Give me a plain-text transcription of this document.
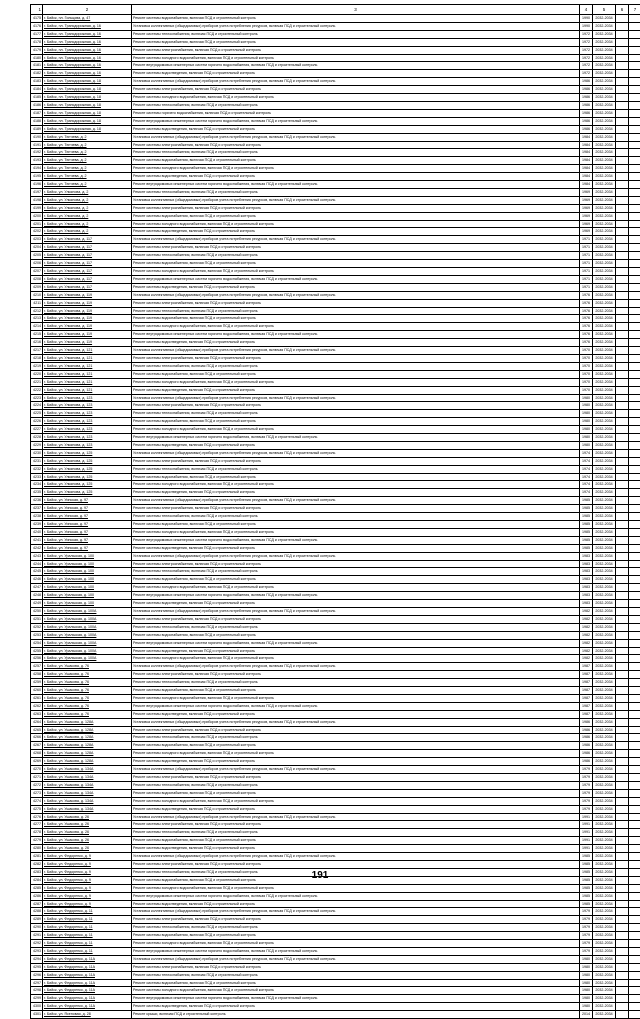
1	2	3	4	5	6	7
4175	г. Бийск, пл. Гольцова, д. 47	Ремонт системы водоснабжения, включая ПСД и строительный контроль	1990	2032-2034		
4176	г. Бийск, пл. Трансдорожная, д. 16	Установка коллективных (общедомовых) приборов учета потребления ресурсов, включая ПСД и строительный контроль	1990	2032-2034		
4177	г. Бийск, пл. Трансдорожная, д. 16	Ремонт системы теплоснабжения, включая ПСД и строительный контроль	1972	2032-2034		
4178	г. Бийск, пл. Трансдорожная, д. 16	Ремонт системы водоснабжения, включая ПСД и строительный контроль	1972	2032-2034		
4179	г. Бийск, пл. Трансдорожная, д. 16	Ремонт системы электроснабжения, включая ПСД и строительный контроль	1972	2032-2034		
4180	г. Бийск, пл. Трансдорожная, д. 16	Ремонт системы холодного водоснабжения, включая ПСД и строительный контроль	1972	2032-2034		
4181	г. Бийск, пл. Трансдорожная, д. 16	Ремонт внутридомовых инженерных систем горячего водоснабжения, включая ПСД и строительный контроль	1972	2032-2034		
4182	г. Бийск, пл. Трансдорожная, д. 16	Ремонт системы водоотведения, включая ПСД и строительный контроль	1972	2032-2034		
4183	г. Бийск, пл. Трансдорожная, д. 18	Установка коллективных (общедомовых) приборов учета потребления ресурсов, включая ПСД и строительный контроль	1986	2032-2034		
4184	г. Бийск, пл. Трансдорожная, д. 18	Ремонт системы электроснабжения, включая ПСД и строительный контроль	1986	2032-2034		
4185	г. Бийск, пл. Трансдорожная, д. 18	Ремонт системы холодного водоснабжения, включая ПСД и строительный контроль	1986	2032-2034		
4186	г. Бийск, пл. Трансдорожная, д. 18	Ремонт системы теплоснабжения, включая ПСД и строительный контроль	1986	2032-2034		
4187	г. Бийск, пл. Трансдорожная, д. 18	Ремонт системы горячего водоснабжения, включая ПСД и строительный контроль	1986	2032-2034		
4188	г. Бийск, пл. Трансдорожная, д. 18	Ремонт внутридомовых инженерных систем горячего водоснабжения, включая ПСД и строительный контроль	1986	2032-2034		
4189	г. Бийск, пл. Трансдорожная, д. 18	Ремонт системы водоотведения, включая ПСД и строительный контроль	1986	2032-2034		
4190	г. Бийск, ул. Тютчева, д. 2	Установка коллективных (общедомовых) приборов учета потребления ресурсов, включая ПСД и строительный контроль	1984	2032-2034		
4191	г. Бийск, ул. Тютчева, д. 2	Ремонт системы электроснабжения, включая ПСД и строительный контроль	1984	2032-2034		
4192	г. Бийск, ул. Тютчева, д. 2	Ремонт системы теплоснабжения, включая ПСД и строительный контроль	1984	2032-2034		
4193	г. Бийск, ул. Тютчева, д. 2	Ремонт системы водоснабжения, включая ПСД и строительный контроль	1984	2032-2034		
4194	г. Бийск, ул. Тютчева, д. 2	Ремонт системы холодного водоснабжения, включая ПСД и строительный контроль	1984	2032-2034		
4195	г. Бийск, ул. Тютчева, д. 2	Ремонт системы водоотведения, включая ПСД и строительный контроль	1984	2032-2034		
4196	г. Бийск, ул. Тютчева, д. 2	Ремонт внутридомовых инженерных систем горячего водоснабжения, включая ПСД и строительный контроль	1984	2032-2034		
4197	г. Бийск, ул. Ульянова, д. 2	Ремонт системы теплоснабжения, включая ПСД и строительный контроль	1969	2032-2034		
4198	г. Бийск, ул. Ульянова, д. 2	Установка коллективных (общедомовых) приборов учета потребления ресурсов, включая ПСД и строительный контроль	1969	2032-2034		
4199	г. Бийск, ул. Ульянова, д. 2	Ремонт системы электроснабжения, включая ПСД и строительный контроль	1969	2032-2034		
4200	г. Бийск, ул. Ульянова, д. 2	Ремонт системы водоснабжения, включая ПСД и строительный контроль	1969	2032-2034		
4201	г. Бийск, ул. Ульянова, д. 2	Ремонт системы холодного водоснабжения, включая ПСД и строительный контроль	1969	2032-2034		
4202	г. Бийск, ул. Ульянова, д. 2	Ремонт системы водоотведения, включая ПСД и строительный контроль	1969	2032-2034		
4203	г. Бийск, ул. Ульянова, д. 117	Установка коллективных (общедомовых) приборов учета потребления ресурсов, включая ПСД и строительный контроль	1971	2032-2034		
4204	г. Бийск, ул. Ульянова, д. 117	Ремонт системы электроснабжения, включая ПСД и строительный контроль	1971	2032-2034		
4205	г. Бийск, ул. Ульянова, д. 117	Ремонт системы теплоснабжения, включая ПСД и строительный контроль	1971	2032-2034		
4206	г. Бийск, ул. Ульянова, д. 117	Ремонт системы водоснабжения, включая ПСД и строительный контроль	1971	2032-2034		
4207	г. Бийск, ул. Ульянова, д. 117	Ремонт системы холодного водоснабжения, включая ПСД и строительный контроль	1971	2032-2034		
4208	г. Бийск, ул. Ульянова, д. 117	Ремонт внутридомовых инженерных систем горячего водоснабжения, включая ПСД и строительный контроль	1971	2032-2034		
4209	г. Бийск, ул. Ульянова, д. 117	Ремонт системы водоотведения, включая ПСД и строительный контроль	1971	2032-2034		
4210	г. Бийск, ул. Ульянова, д. 119	Установка коллективных (общедомовых) приборов учета потребления ресурсов, включая ПСД и строительный контроль	1976	2032-2034		
4211	г. Бийск, ул. Ульянова, д. 119	Ремонт системы электроснабжения, включая ПСД и строительный контроль	1976	2032-2034		
4212	г. Бийск, ул. Ульянова, д. 119	Ремонт системы теплоснабжения, включая ПСД и строительный контроль	1976	2032-2034		
4213	г. Бийск, ул. Ульянова, д. 119	Ремонт системы водоснабжения, включая ПСД и строительный контроль	1976	2032-2034		
4214	г. Бийск, ул. Ульянова, д. 119	Ремонт системы холодного водоснабжения, включая ПСД и строительный контроль	1976	2032-2034		
4215	г. Бийск, ул. Ульянова, д. 119	Ремонт внутридомовых инженерных систем горячего водоснабжения, включая ПСД и строительный контроль	1976	2032-2034		
4216	г. Бийск, ул. Ульянова, д. 119	Ремонт системы водоотведения, включая ПСД и строительный контроль	1976	2032-2034		
4217	г. Бийск, ул. Ульянова, д. 121	Установка коллективных (общедомовых) приборов учета потребления ресурсов, включая ПСД и строительный контроль	1970	2032-2034		
4218	г. Бийск, ул. Ульянова, д. 121	Ремонт системы электроснабжения, включая ПСД и строительный контроль	1970	2032-2034		
4219	г. Бийск, ул. Ульянова, д. 121	Ремонт системы теплоснабжения, включая ПСД и строительный контроль	1970	2032-2034		
4220	г. Бийск, ул. Ульянова, д. 121	Ремонт системы водоснабжения, включая ПСД и строительный контроль	1970	2032-2034		
4221	г. Бийск, ул. Ульянова, д. 121	Ремонт системы холодного водоснабжения, включая ПСД и строительный контроль	1970	2032-2034		
4222	г. Бийск, ул. Ульянова, д. 121	Ремонт системы водоотведения, включая ПСД и строительный контроль	1970	2032-2034		
4223	г. Бийск, ул. Ульянова, д. 123	Установка коллективных (общедомовых) приборов учета потребления ресурсов, включая ПСД и строительный контроль	1980	2032-2034		
4224	г. Бийск, ул. Ульянова, д. 123	Ремонт системы электроснабжения, включая ПСД и строительный контроль	1980	2032-2034		
4225	г. Бийск, ул. Ульянова, д. 123	Ремонт системы теплоснабжения, включая ПСД и строительный контроль	1980	2032-2034		
4226	г. Бийск, ул. Ульянова, д. 123	Ремонт системы водоснабжения, включая ПСД и строительный контроль	1980	2032-2034		
4227	г. Бийск, ул. Ульянова, д. 123	Ремонт системы холодного водоснабжения, включая ПСД и строительный контроль	1980	2032-2034		
4228	г. Бийск, ул. Ульянова, д. 123	Ремонт внутридомовых инженерных систем горячего водоснабжения, включая ПСД и строительный контроль	1980	2032-2034		
4229	г. Бийск, ул. Ульянова, д. 123	Ремонт системы водоотведения, включая ПСД и строительный контроль	1980	2032-2034		
4230	г. Бийск, ул. Ульянова, д. 125	Установка коллективных (общедомовых) приборов учета потребления ресурсов, включая ПСД и строительный контроль	1974	2032-2034		
4231	г. Бийск, ул. Ульянова, д. 125	Ремонт системы электроснабжения, включая ПСД и строительный контроль	1974	2032-2034		
4232	г. Бийск, ул. Ульянова, д. 125	Ремонт системы теплоснабжения, включая ПСД и строительный контроль	1974	2032-2034		
4233	г. Бийск, ул. Ульянова, д. 125	Ремонт системы водоснабжения, включая ПСД и строительный контроль	1974	2032-2034		
4234	г. Бийск, ул. Ульянова, д. 125	Ремонт системы холодного водоснабжения, включая ПСД и строительный контроль	1974	2032-2034		
4235	г. Бийск, ул. Ульянова, д. 125	Ремонт системы водоотведения, включая ПСД и строительный контроль	1974	2032-2034		
4236	г. Бийск, ул. Уинская, д. 97	Установка коллективных (общедомовых) приборов учета потребления ресурсов, включая ПСД и строительный контроль	1985	2032-2034		
4237	г. Бийск, ул. Уинская, д. 97	Ремонт системы электроснабжения, включая ПСД и строительный контроль	1985	2032-2034		
4238	г. Бийск, ул. Уинская, д. 97	Ремонт системы теплоснабжения, включая ПСД и строительный контроль	1985	2032-2034		
4239	г. Бийск, ул. Уинская, д. 97	Ремонт системы водоснабжения, включая ПСД и строительный контроль	1985	2032-2034		
4240	г. Бийск, ул. Уинская, д. 97	Ремонт системы холодного водоснабжения, включая ПСД и строительный контроль	1985	2032-2034		
4241	г. Бийск, ул. Уинская, д. 97	Ремонт внутридомовых инженерных систем горячего водоснабжения, включая ПСД и строительный контроль	1985	2032-2034		
4242	г. Бийск, ул. Уинская, д. 97	Ремонт системы водоотведения, включая ПСД и строительный контроль	1985	2032-2034		
4243	г. Бийск, ул. Уральская, д. 100	Установка коллективных (общедомовых) приборов учета потребления ресурсов, включая ПСД и строительный контроль	1983	2032-2034		
4244	г. Бийск, ул. Уральская, д. 100	Ремонт системы электроснабжения, включая ПСД и строительный контроль	1983	2032-2034		
4245	г. Бийск, ул. Уральская, д. 100	Ремонт системы теплоснабжения, включая ПСД и строительный контроль	1983	2032-2034		
4246	г. Бийск, ул. Уральская, д. 100	Ремонт системы водоснабжения, включая ПСД и строительный контроль	1983	2032-2034		
4247	г. Бийск, ул. Уральская, д. 100	Ремонт системы холодного водоснабжения, включая ПСД и строительный контроль	1983	2032-2034		
4248	г. Бийск, ул. Уральская, д. 100	Ремонт внутридомовых инженерных систем горячего водоснабжения, включая ПСД и строительный контроль	1983	2032-2034		
4249	г. Бийск, ул. Уральская, д. 100	Ремонт системы водоотведения, включая ПСД и строительный контроль	1983	2032-2034		
4250	г. Бийск, ул. Уральская, д. 100А	Установка коллективных (общедомовых) приборов учета потребления ресурсов, включая ПСД и строительный контроль	1982	2032-2034		
4251	г. Бийск, ул. Уральская, д. 100А	Ремонт системы электроснабжения, включая ПСД и строительный контроль	1982	2032-2034		
4252	г. Бийск, ул. Уральская, д. 100А	Ремонт системы теплоснабжения, включая ПСД и строительный контроль	1982	2032-2034		
4253	г. Бийск, ул. Уральская, д. 100А	Ремонт системы водоснабжения, включая ПСД и строительный контроль	1982	2032-2034		
4254	г. Бийск, ул. Уральская, д. 100А	Ремонт внутридомовых инженерных систем горячего водоснабжения, включая ПСД и строительный контроль	1982	2032-2034		
4255	г. Бийск, ул. Уральская, д. 100А	Ремонт системы водоотведения, включая ПСД и строительный контроль	1982	2032-2034		
4256	г. Бийск, ул. Уральская, д. 100А	Ремонт системы холодного водоснабжения, включая ПСД и строительный контроль	1982	2032-2034		
4257	г. Бийск, ул. Ушакова, д. 76	Установка коллективных (общедомовых) приборов учета потребления ресурсов, включая ПСД и строительный контроль	1987	2032-2034		
4258	г. Бийск, ул. Ушакова, д. 76	Ремонт системы электроснабжения, включая ПСД и строительный контроль	1987	2032-2034		
4259	г. Бийск, ул. Ушакова, д. 76	Ремонт системы теплоснабжения, включая ПСД и строительный контроль	1987	2032-2034		
4260	г. Бийск, ул. Ушакова, д. 76	Ремонт системы водоснабжения, включая ПСД и строительный контроль	1987	2032-2034		
4261	г. Бийск, ул. Ушакова, д. 76	Ремонт системы холодного водоснабжения, включая ПСД и строительный контроль	1987	2032-2034		
4262	г. Бийск, ул. Ушакова, д. 76	Ремонт внутридомовых инженерных систем горячего водоснабжения, включая ПСД и строительный контроль	1987	2032-2034		
4263	г. Бийск, ул. Ушакова, д. 76	Ремонт системы водоотведения, включая ПСД и строительный контроль	1987	2032-2034		
4264	г. Бийск, ул. Ушакова, д. 128А	Установка коллективных (общедомовых) приборов учета потребления ресурсов, включая ПСД и строительный контроль	1986	2032-2034		
4265	г. Бийск, ул. Ушакова, д. 128А	Ремонт системы электроснабжения, включая ПСД и строительный контроль	1986	2032-2034		
4266	г. Бийск, ул. Ушакова, д. 128А	Ремонт системы теплоснабжения, включая ПСД и строительный контроль	1986	2032-2034		
4267	г. Бийск, ул. Ушакова, д. 128А	Ремонт системы водоснабжения, включая ПСД и строительный контроль	1986	2032-2034		
4268	г. Бийск, ул. Ушакова, д. 128А	Ремонт системы холодного водоснабжения, включая ПСД и строительный контроль	1986	2032-2034		
4269	г. Бийск, ул. Ушакова, д. 128А	Ремонт системы водоотведения, включая ПСД и строительный контроль	1986	2032-2034		
4270	г. Бийск, ул. Ушакова, д. 134А	Установка коллективных (общедомовых) приборов учета потребления ресурсов, включая ПСД и строительный контроль	1979	2032-2034		
4271	г. Бийск, ул. Ушакова, д. 134А	Ремонт системы электроснабжения, включая ПСД и строительный контроль	1979	2032-2034		
4272	г. Бийск, ул. Ушакова, д. 134А	Ремонт системы теплоснабжения, включая ПСД и строительный контроль	1979	2032-2034		
4273	г. Бийск, ул. Ушакова, д. 134А	Ремонт системы водоснабжения, включая ПСД и строительный контроль	1979	2032-2034		
4274	г. Бийск, ул. Ушакова, д. 134А	Ремонт системы холодного водоснабжения, включая ПСД и строительный контроль	1979	2032-2034		
4275	г. Бийск, ул. Ушакова, д. 134А	Ремонт системы водоотведения, включая ПСД и строительный контроль	1979	2032-2034		
4276	г. Бийск, ул. Ушакова, д. 26	Установка коллективных (общедомовых) приборов учета потребления ресурсов, включая ПСД и строительный контроль	1991	2032-2034		
4277	г. Бийск, ул. Ушакова, д. 26	Ремонт системы электроснабжения, включая ПСД и строительный контроль	1991	2032-2034		
4278	г. Бийск, ул. Ушакова, д. 26	Ремонт системы теплоснабжения, включая ПСД и строительный контроль	1991	2032-2034		
4279	г. Бийск, ул. Ушакова, д. 26	Ремонт системы водоснабжения, включая ПСД и строительный контроль	1991	2032-2034		
4280	г. Бийск, ул. Ушакова, д. 26	Ремонт системы водоотведения, включая ПСД и строительный контроль	1991	2032-2034		
4281	г. Бийск, ул. Федоренко, д. 9	Установка коллективных (общедомовых) приборов учета потребления ресурсов, включая ПСД и строительный контроль	1985	2032-2034		
4282	г. Бийск, ул. Федоренко, д. 9	Ремонт системы электроснабжения, включая ПСД и строительный контроль	1985	2032-2034		
4283	г. Бийск, ул. Федоренко, д. 9	Ремонт системы теплоснабжения, включая ПСД и строительный контроль	1985	2032-2034		
4284	г. Бийск, ул. Федоренко, д. 9	Ремонт системы водоснабжения, включая ПСД и строительный контроль	1985	2032-2034		
4285	г. Бийск, ул. Федоренко, д. 9	Ремонт системы холодного водоснабжения, включая ПСД и строительный контроль	1985	2032-2034		
4286	г. Бийск, ул. Федоренко, д. 9	Ремонт внутридомовых инженерных систем горячего водоснабжения, включая ПСД и строительный контроль	1985	2032-2034		
4287	г. Бийск, ул. Федоренко, д. 9	Ремонт системы водоотведения, включая ПСД и строительный контроль	1985	2032-2034		
4288	г. Бийск, ул. Федоренко, д. 11	Установка коллективных (общедомовых) приборов учета потребления ресурсов, включая ПСД и строительный контроль	1979	2032-2034		
4289	г. Бийск, ул. Федоренко, д. 11	Ремонт системы электроснабжения, включая ПСД и строительный контроль	1979	2032-2034		
4290	г. Бийск, ул. Федоренко, д. 11	Ремонт системы теплоснабжения, включая ПСД и строительный контроль	1979	2032-2034		
4291	г. Бийск, ул. Федоренко, д. 11	Ремонт системы водоснабжения, включая ПСД и строительный контроль	1979	2032-2034		
4292	г. Бийск, ул. Федоренко, д. 11	Ремонт системы холодного водоснабжения, включая ПСД и строительный контроль	1979	2032-2034		
4293	г. Бийск, ул. Федоренко, д. 11	Ремонт внутридомовых инженерных систем горячего водоснабжения, включая ПСД и строительный контроль	1979	2032-2034		
4294	г. Бийск, ул. Федоренко, д. 11А	Установка коллективных (общедомовых) приборов учета потребления ресурсов, включая ПСД и строительный контроль	1980	2032-2034		
4295	г. Бийск, ул. Федоренко, д. 11А	Ремонт системы электроснабжения, включая ПСД и строительный контроль	1980	2032-2034		
4296	г. Бийск, ул. Федоренко, д. 11А	Ремонт системы теплоснабжения, включая ПСД и строительный контроль	1980	2032-2034		
4297	г. Бийск, ул. Федоренко, д. 11А	Ремонт системы водоснабжения, включая ПСД и строительный контроль	1980	2032-2034		
4298	г. Бийск, ул. Федоренко, д. 11А	Ремонт системы холодного водоснабжения, включая ПСД и строительный контроль	1980	2032-2034		
4299	г. Бийск, ул. Федоренко, д. 11А	Ремонт внутридомовых инженерных систем горячего водоснабжения, включая ПСД и строительный контроль	1980	2032-2034		
4300	г. Бийск, ул. Федоренко, д. 11А	Ремонт системы водоотведения, включая ПСД и строительный контроль	1980	2032-2034		
4301	г. Бийск, ул. Ясеновая, д. 28	Ремонт крыши, включая ПСД и строительный контроль	2014	2032-2034		
191
